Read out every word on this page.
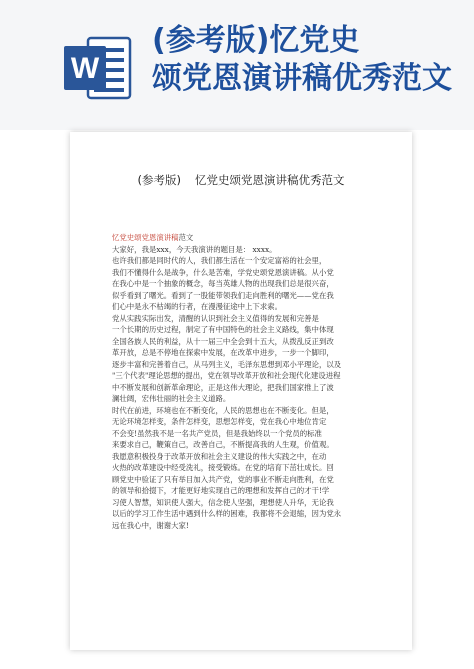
W
(参考版)忆党史
颂党恩演讲稿优秀范文
(参考版) 忆党史颂党恩演讲稿优秀范文
忆党史颂党恩演讲稿范文
大家好，我是xxx，今天我演讲的题目是： xxxx。
也许我们都是同时代的人，我们都生活在一个安定富裕的社会里，
我们不懂得什么是战争，什么是苦难，学党史颂党恩演讲稿。从小党
在我心中是一个抽象的概念，每当英雄人物的出现我们总是很兴奋，
似乎看到了曙光。看到了一股能带领我们走向胜利的曙光——党在我
们心中是永不枯竭的行者，在漫漫征途中上下求索。
党从实践实际出发，清醒的认识到社会主义值得的发展和完善是
一个长期的历史过程，制定了有中国特色的社会主义路线，集中体现
全国各族人民的利益，从十一届三中全会到十五大，从拨乱反正到改
革开放，总是不停地在探索中发展，在改革中进步，一步一个脚印，
逐步丰富和完善着自己，从马列主义，毛泽东思想到邓小平理论，以及
"三个代表"理论思想的提出，党在领导改革开放和社会现代化建设进程
中不断发展和创新革命理论，正是这伟大理论，把我们国家推上了波
澜壮阔，宏伟壮丽的社会主义道路。
时代在前进，环境也在不断变化，人民的思想也在不断变化。但是，
无论环境怎样变，条件怎样变，思想怎样变，党在我心中地位肯定
不会变!虽然我不是一名共产党员，但是我始终以一个党员的标准
来要求自己，鞭策自己，改善自己，不断提高我的人生观，价值观。
我愿意积极投身于改革开放和社会主义建设的伟大实践之中，在动
火热的改革建设中经受洗礼，接受锻炼。在党的培育下茁壮成长。回
顾党史中验证了只有举目加入共产党，党的事业不断走向胜利，在党
的领导和拾掇下，才能更好地实现自己的理想和发挥自己的才干!学
习使人智慧，知识使人强大，信念使人坚强，理想使人升华，无论我
以后的学习工作生活中遇到什么样的困难，我都将不会退缩，因为党永
远在我心中，谢谢大家!
